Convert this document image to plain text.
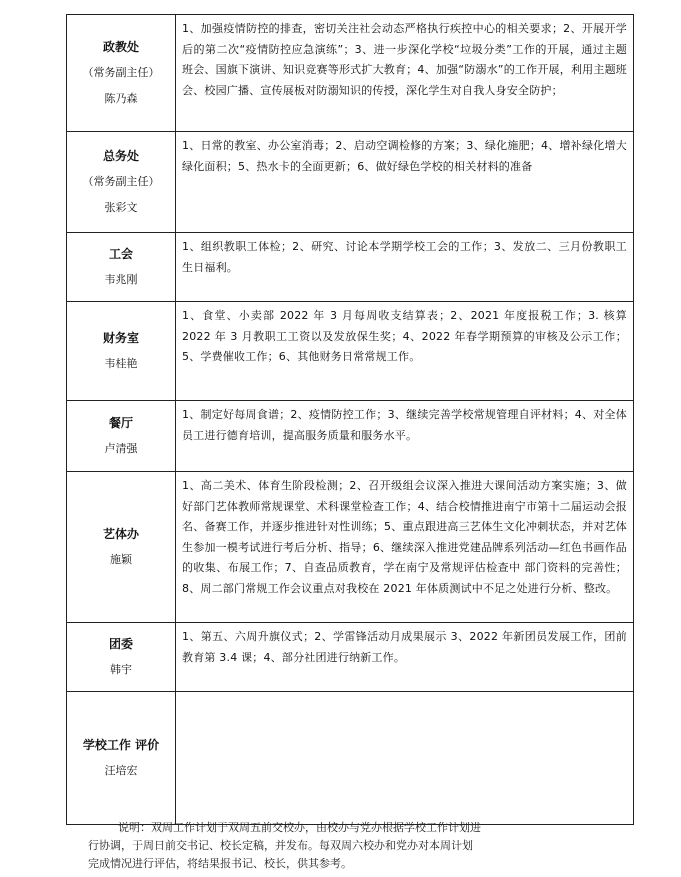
政教处
（常务副主任）
陈乃森	1、加强疫情防控的排查，密切关注社会动态严格执行疾控中心的相关要求；2、开展开学后的第二次“疫情防控应急演练”；3、进一步深化学校“垃圾分类”工作的开展，通过主题班会、国旗下演讲、知识竞赛等形式扩大教育；4、加强“防溺水”的工作开展，利用主题班会、校园广播、宣传展板对防溺知识的传授，深化学生对自我人身安全防护；

总务处
（常务副主任）
张彩文	1、日常的教室、办公室消毒；2、启动空调检修的方案；3、绿化施肥；4、增补绿化增大绿化面积；5、热水卡的全面更新；6、做好绿色学校的相关材料的准备

工会
韦兆刚	1、组织教职工体检；2、研究、讨论本学期学校工会的工作；3、发放二、三月份教职工生日福利。

财务室
韦桂艳	1、食堂、小卖部 2022 年 3 月每周收支结算表；2、2021 年度报税工作；3. 核算 2022 年 3 月教职工工资以及发放保生奖；4、2022 年春学期预算的审核及公示工作；5、学费催收工作；6、其他财务日常常规工作。

餐厅
卢清强	1、制定好每周食谱；2、疫情防控工作；3、继续完善学校常规管理自评材料；4、对全体员工进行德育培训，提高服务质量和服务水平。

艺体办
施颖	1、高二美术、体育生阶段检测；2、召开级组会议深入推进大课间活动方案实施；3、做好部门艺体教师常规课堂、术科课堂检查工作；4、结合校情推进南宁市第十二届运动会报名、备赛工作，并逐步推进针对性训练；5、重点跟进高三艺体生文化冲刺状态，并对艺体生参加一模考试进行考后分析、指导；6、继续深入推进党建品牌系列活动—红色书画作品的收集、布展工作；7、自查品质教育，学在南宁及常规评估检查中 部门资料的完善性；8、周二部门常规工作会议重点对我校在 2021 年体质测试中不足之处进行分析、整改。

团委
韩宇	1、第五、六周升旗仪式；2、学雷锋活动月成果展示 3、2022 年新团员发展工作，团前教育第 3.4 课；4、部分社团进行纳新工作。

学校工作 评价
汪培宏	

说明：双周工作计划于双周五前交校办，由校办与党办根据学校工作计划进
行协调，于周日前交书记、校长定稿，并发布。每双周六校办和党办对本周计划
完成情况进行评估，将结果报书记、校长，供其参考。
